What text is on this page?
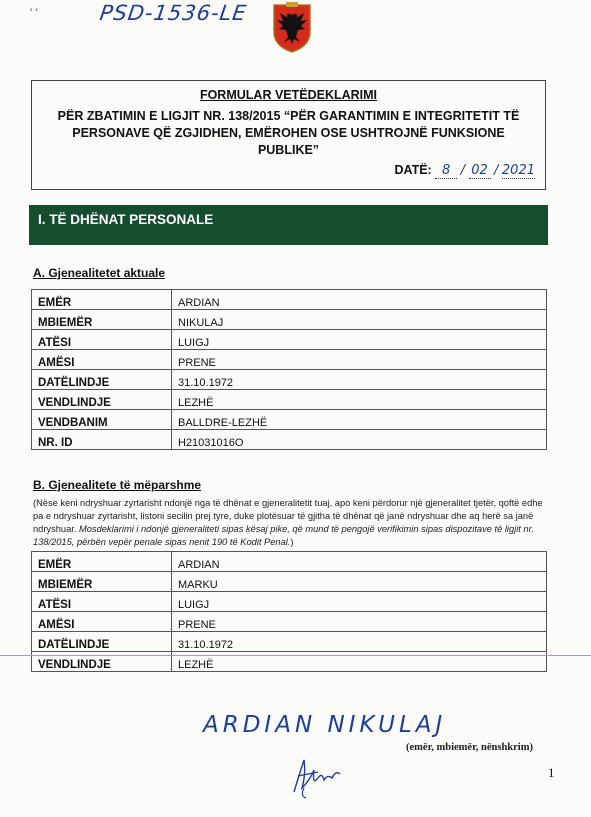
' '	PSD-1536-LE
FORMULAR VETËDEKLARIMI
PËR ZBATIMIN E LIGJIT NR. 138/2015 “PËR GARANTIMIN E INTEGRITETIT TË PERSONAVE QË ZGJIDHEN, EMËROHEN OSE USHTROJNË FUNKSIONE PUBLIKE”
DATË: 8 / 02 / 2021
I. TË DHËNAT PERSONALE
A. Gjenealitetet aktuale
EMËR	ARDIAN
MBIEMËR	NIKULAJ
ATËSI	LUIGJ
AMËSI	PRENE
DATËLINDJE	31.10.1972
VENDLINDJE	LEZHË
VENDBANIM	BALLDRE-LEZHË
NR. ID	H21031016O
B. Gjenealitete të mëparshme
(Nëse keni ndryshuar zyrtarisht ndonjë nga të dhënat e gjeneralitetit tuaj, apo keni përdorur një gjeneralitet tjetër, qoftë edhe pa e ndryshuar zyrtarisht, listoni secilin prej tyre, duke plotësuar të gjitha të dhënat që janë ndryshuar dhe aq herë sa janë ndryshuar. Mosdeklarimi i ndonjë gjeneraliteti sipas kësaj pike, që mund të pengojë verifikimin sipas dispozitave të ligjit nr. 138/2015, përbën vepër penale sipas nenit 190 të Kodit Penal.)
EMËR	ARDIAN
MBIEMËR	MARKU
ATËSI	LUIGJ
AMËSI	PRENE
DATËLINDJE	31.10.1972
VENDLINDJE	LEZHË
ARDIAN NIKULAJ
(emër, mbiemër, nënshkrim)
1
